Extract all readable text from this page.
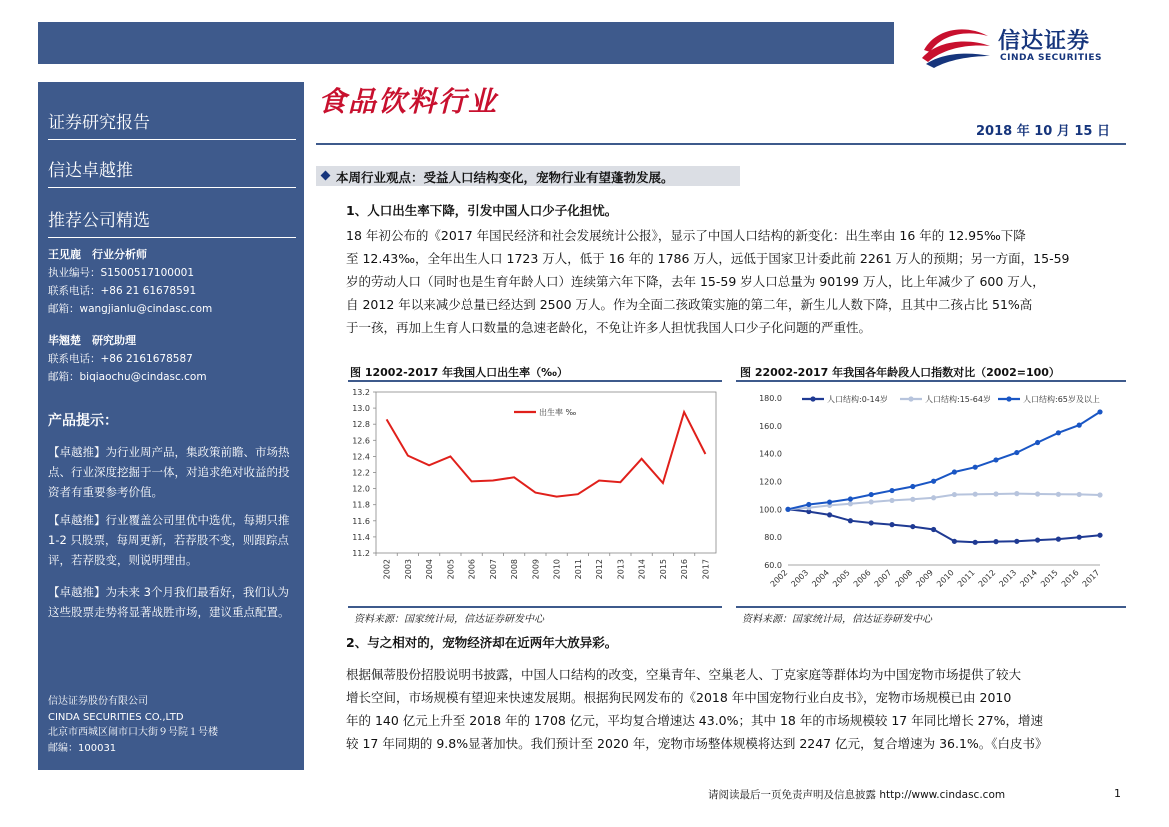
信达证券
CINDA SECURITIES
证券研究报告
信达卓越推
推荐公司精选
王见鹿　行业分析师
执业编号：S1500517100001
联系电话：+86 21 61678591
邮箱：wangjianlu@cindasc.com
毕翘楚　研究助理
联系电话：+86 2161678587
邮箱：biqiaochu@cindasc.com
产品提示：
【卓越推】为行业周产品，集政策前瞻、市场热点、行业深度挖掘于一体，对追求绝对收益的投资者有重要参考价值。
【卓越推】行业覆盖公司里优中选优，每期只推 1-2 只股票，每周更新，若荐股不变，则跟踪点评，若荐股变，则说明理由。
【卓越推】为未来 3个月我们最看好，我们认为这些股票走势将显著战胜市场，建议重点配置。
信达证券股份有限公司
CINDA SECURITIES CO.,LTD
北京市西城区闹市口大街９号院１号楼
邮编：100031
食品饮料行业
2018 年 10 月 15 日
本周行业观点：受益人口结构变化，宠物行业有望蓬勃发展。
1、人口出生率下降，引发中国人口少子化担忧。
18 年初公布的《2017 年国民经济和社会发展统计公报》，显示了中国人口结构的新变化：出生率由 16 年的 12.95‰下降
至 12.43‰，全年出生人口 1723 万人，低于 16 年的 1786 万人，远低于国家卫计委此前 2261 万人的预期；另一方面，15-59
岁的劳动人口（同时也是生育年龄人口）连续第六年下降，去年 15-59 岁人口总量为 90199 万人，比上年减少了 600 万人，
自 2012 年以来减少总量已经达到 2500 万人。作为全面二孩政策实施的第二年，新生儿人数下降，且其中二孩占比 51%高
于一孩，再加上生育人口数量的急速老龄化，不免让许多人担忧我国人口少子化问题的严重性。
图 12002-2017 年我国人口出生率（‰）
11.2
11.4
11.6
11.8
12.0
12.2
12.4
12.6
12.8
13.0
13.2
2002 2003 2004 2005 2006 2007 2008 2009 2010 2011 2012 2013 2014 2015 2016 2017
出生率 ‰
资料来源：国家统计局，信达证券研发中心
图 22002-2017 年我国各年龄段人口指数对比（2002=100）
60.0
80.0
100.0
120.0
140.0
160.0
180.0
2002 2003 2004 2005 2006 2007 2008 2009 2010 2011 2012 2013 2014 2015 2016 2017
人口结构:0-14岁	人口结构:15-64岁	人口结构:65岁及以上
资料来源：国家统计局，信达证券研发中心
2、与之相对的，宠物经济却在近两年大放异彩。
根据佩蒂股份招股说明书披露，中国人口结构的改变，空巢青年、空巢老人、丁克家庭等群体均为中国宠物市场提供了较大
增长空间，市场规模有望迎来快速发展期。根据狗民网发布的《2018 年中国宠物行业白皮书》，宠物市场规模已由 2010
年的 140 亿元上升至 2018 年的 1708 亿元，平均复合增速达 43.0%；其中 18 年的市场规模较 17 年同比增长 27%，增速
较 17 年同期的 9.8%显著加快。我们预计至 2020 年，宠物市场整体规模将达到 2247 亿元，复合增速为 36.1%。《白皮书》
请阅读最后一页免责声明及信息披露 http://www.cindasc.com	1
